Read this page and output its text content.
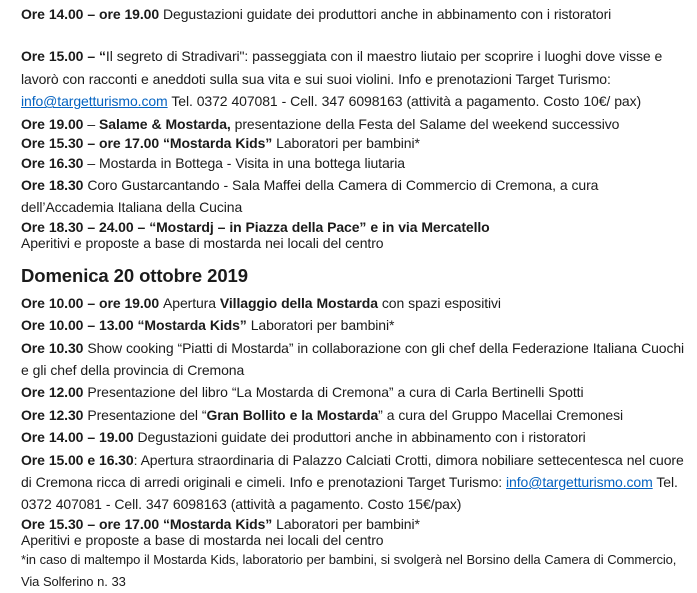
Ore 14.00 – ore 19.00 Degustazioni guidate dei produttori anche in abbinamento con i ristoratori

Ore 15.00 – “Il segreto di Stradivari": passeggiata con il maestro liutaio per scoprire i luoghi dove visse e lavorò con racconti e aneddoti sulla sua vita e sui suoi violini. Info e prenotazioni Target Turismo: info@targetturismo.com Tel. 0372 407081 - Cell. 347 6098163 (attività a pagamento. Costo 10€/ pax)

Ore 19.00 – Salame & Mostarda, presentazione della Festa del Salame del weekend successivo

Ore 15.30 – ore 17.00 “Mostarda Kids” Laboratori per bambini*

Ore 16.30 – Mostarda in Bottega - Visita in una bottega liutaria

Ore 18.30 Coro Gustarcantando - Sala Maffei della Camera di Commercio di Cremona, a cura dell’Accademia Italiana della Cucina

Ore 18.30 – 24.00 – “Mostardj – in Piazza della Pace” e in via Mercatello

Aperitivi e proposte a base di mostarda nei locali del centro

Domenica 20 ottobre 2019

Ore 10.00 – ore 19.00 Apertura Villaggio della Mostarda con spazi espositivi

Ore 10.00 – 13.00 “Mostarda Kids” Laboratori per bambini*

Ore 10.30 Show cooking “Piatti di Mostarda” in collaborazione con gli chef della Federazione Italiana Cuochi e gli chef della provincia di Cremona

Ore 12.00 Presentazione del libro “La Mostarda di Cremona” a cura di Carla Bertinelli Spotti

Ore 12.30 Presentazione del “Gran Bollito e la Mostarda” a cura del Gruppo Macellai Cremonesi

Ore 14.00 – 19.00 Degustazioni guidate dei produttori anche in abbinamento con i ristoratori

Ore 15.00 e 16.30: Apertura straordinaria di Palazzo Calciati Crotti, dimora nobiliare settecentesca nel cuore di Cremona ricca di arredi originali e cimeli. Info e prenotazioni Target Turismo: info@targetturismo.com Tel. 0372 407081 - Cell. 347 6098163 (attività a pagamento. Costo 15€/pax)

Ore 15.30 – ore 17.00 “Mostarda Kids” Laboratori per bambini*

Aperitivi e proposte a base di mostarda nei locali del centro

*in caso di maltempo il Mostarda Kids, laboratorio per bambini, si svolgerà nel Borsino della Camera di Commercio, Via Solferino n. 33
